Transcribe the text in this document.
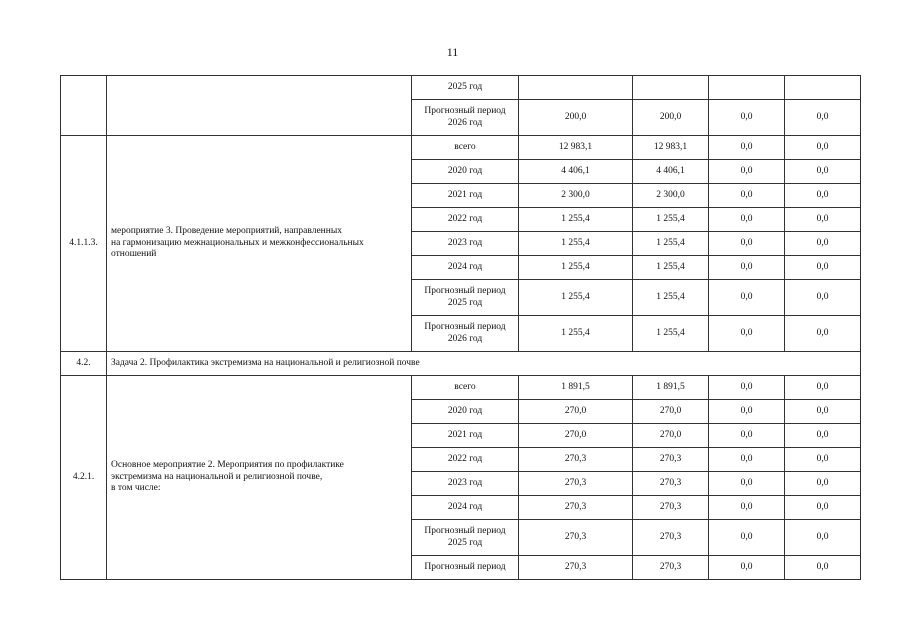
11
		2025 год				
		Прогнозный период
2026 год	200,0	200,0	0,0	0,0
4.1.1.3.	мероприятие 3. Проведение мероприятий, направленных
на гармонизацию межнациональных и межконфессиональных
отношений	всего	12 983,1	12 983,1	0,0	0,0
		2020 год	4 406,1	4 406,1	0,0	0,0
		2021 год	2 300,0	2 300,0	0,0	0,0
		2022 год	1 255,4	1 255,4	0,0	0,0
		2023 год	1 255,4	1 255,4	0,0	0,0
		2024 год	1 255,4	1 255,4	0,0	0,0
		Прогнозный период
2025 год	1 255,4	1 255,4	0,0	0,0
		Прогнозный период
2026 год	1 255,4	1 255,4	0,0	0,0
4.2.	Задача 2. Профилактика экстремизма на национальной и религиозной почве					
4.2.1.	Основное мероприятие 2. Мероприятия по профилактике
экстремизма на национальной и религиозной почве,
в том числе:	всего	1 891,5	1 891,5	0,0	0,0
		2020 год	270,0	270,0	0,0	0,0
		2021 год	270,0	270,0	0,0	0,0
		2022 год	270,3	270,3	0,0	0,0
		2023 год	270,3	270,3	0,0	0,0
		2024 год	270,3	270,3	0,0	0,0
		Прогнозный период
2025 год	270,3	270,3	0,0	0,0
		Прогнозный период	270,3	270,3	0,0	0,0
